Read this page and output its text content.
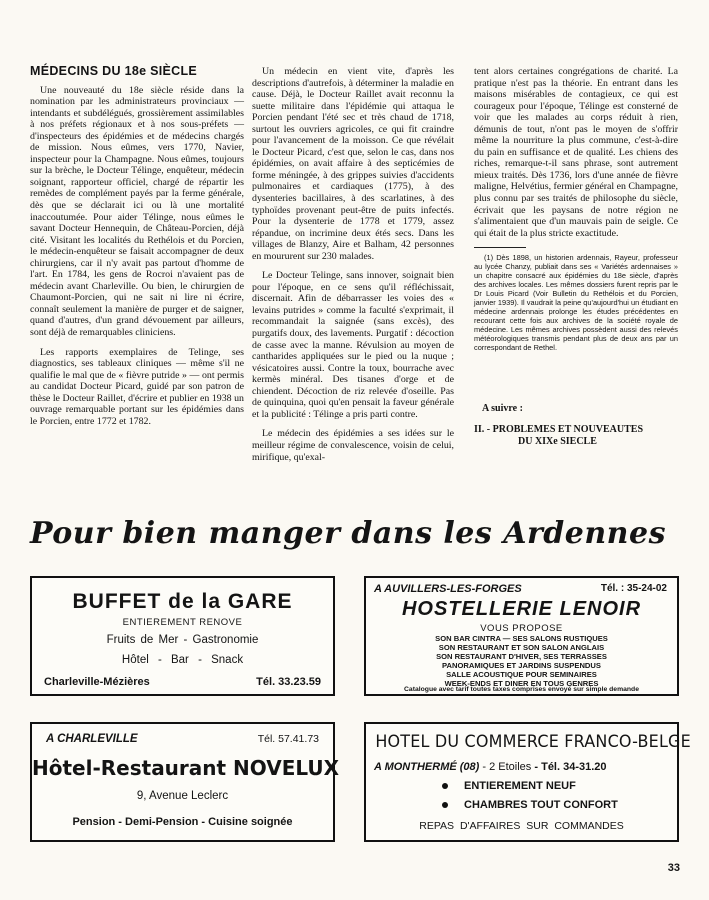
MÉDECINS DU 18e SIÈCLE

Une nouveauté du 18e siècle réside dans la nomination par les administrateurs provinciaux — intendants et subdélégués, grossièrement assimilables à nos préfets régionaux et à nos sous-préfets — d'inspecteurs des épidémies et de médecins chargés de mission. Nous eûmes, vers 1770, Navier, inspecteur pour la Champagne. Nous eûmes, toujours sur la brèche, le Docteur Télinge, enquêteur, médecin soignant, rapporteur officiel, chargé de répartir les remèdes de complément payés par la ferme générale, dès que se déclarait ici ou là une mortalité inaccoutumée. Pour aider Télinge, nous eûmes le savant Docteur Hennequin, de Château-Porcien, déjà cité. Visitant les localités du Rethélois et du Porcien, le médecin-enquêteur se faisait accompagner de deux chirurgiens, car il n'y avait pas partout d'homme de l'art. En 1784, les gens de Rocroi n'avaient pas de médecin avant Charleville. Ou bien, le chirurgien de Chaumont-Porcien, qui ne sait ni lire ni écrire, connaît seulement la manière de purger et de saigner, quand d'autres, d'un grand dévouement par ailleurs, sont déjà de remarquables cliniciens.

Les rapports exemplaires de Telinge, ses diagnostics, ses tableaux cliniques — même s'il ne qualifie le mal que de « fièvre putride » — ont permis au candidat Docteur Picard, guidé par son patron de thèse le Docteur Raillet, d'écrire et publier en 1938 un ouvrage remarquable portant sur les épidémies dans le Porcien, entre 1772 et 1782.

Un médecin en vient vite, d'après les descriptions d'autrefois, à déterminer la maladie en cause. Déjà, le Docteur Raillet avait reconnu la suette militaire dans l'épidémie qui attaqua le Porcien pendant l'été sec et très chaud de 1718, surtout les ouvriers agricoles, ce qui fit craindre pour l'avancement de la moisson. Ce que révélait le Docteur Picard, c'est que, selon le cas, dans nos épidémies, on avait affaire à des septicémies de forme méningée, à des grippes suivies d'accidents pulmonaires et cardiaques (1775), à des dysenteries bacillaires, à des scarlatines, à des typhoïdes provenant peut-être de puits infectés. Pour la dysenterie de 1778 et 1779, assez répandue, on incrimine deux étés secs. Dans les villages de Blanzy, Aire et Balham, 42 personnes en moururent sur 230 malades.

Le Docteur Telinge, sans innover, soignait bien pour l'époque, en ce sens qu'il réfléchissait, discernait. Afin de débarrasser les voies des « levains putrides » comme la faculté s'exprimait, il recommandait la saignée (sans excès), des purgatifs doux, des lavements. Purgatif : décoction de casse avec la manne. Révulsion au moyen de cantharides appliquées sur le pied ou la nuque ; vésicatoires aussi. Contre la toux, bourrache avec kermès minéral. Des tisanes d'orge et de chiendent. Décoction de riz relevée d'oseille. Pas de quinquina, quoi qu'en pensait la faveur générale et la publicité : Télinge a pris parti contre.

Le médecin des épidémies a ses idées sur le meilleur régime de convalescence, voisin de celui, mirifique, qu'exal-

tent alors certaines congrégations de charité. La pratique n'est pas la théorie. En entrant dans les maisons misérables de contagieux, ce qui est courageux pour l'époque, Télinge est consterné de voir que les malades au corps réduit à rien, démunis de tout, n'ont pas le moyen de s'offrir même la nourriture la plus commune, c'est-à-dire du pain en suffisance et de qualité. Les chiens des riches, remarque-t-il sans phrase, sont autrement mieux traités. Dès 1736, lors d'une année de fièvre maligne, Helvétius, fermier général en Champagne, plus connu par ses traités de philosophe du siècle, écrivait que les paysans de notre région ne s'alimentaient que d'un mauvais pain de seigle. Ce qui était de la plus stricte exactitude.

(1) Dès 1898, un historien ardennais, Rayeur, professeur au lycée Chanzy, publiait dans ses « Variétés ardennaises » un chapitre consacré aux épidémies du 18e siècle, d'après des archives locales. Les mêmes dossiers furent repris par le Dr Louis Picard (Voir Bulletin du Rethélois et du Porcien, janvier 1939). Il vaudrait la peine qu'aujourd'hui un étudiant en médecine ardennais prolonge les études précédentes en recourant cette fois aux archives de la société royale de médecine. Les mêmes archives possèdent aussi des relevés météorologiques transmis pendant plus de deux ans par un correspondant de Rethel.

A suivre :
II. - PROBLEMES ET NOUVEAUTES
DU XIXe SIECLE
Pour bien manger dans les Ardennes
BUFFET de la GARE
ENTIEREMENT RENOVE
Fruits de Mer - Gastronomie
Hôtel - Bar - Snack
Charleville-Mézières	Tél. 33.23.59
A AUVILLERS-LES-FORGES	Tél. : 35-24-02
HOSTELLERIE LENOIR
VOUS PROPOSE
SON BAR CINTRA — SES SALONS RUSTIQUES
SON RESTAURANT ET SON SALON ANGLAIS
SON RESTAURANT D'HIVER, SES TERRASSES
PANORAMIQUES ET JARDINS SUSPENDUS
SALLE ACOUSTIQUE POUR SEMINAIRES
WEEK-ENDS ET DINER EN TOUS GENRES
Catalogue avec tarif toutes taxes comprises envoyé sur simple demande
A CHARLEVILLE	Tél. 57.41.73
Hôtel-Restaurant NOVELUX
9, Avenue Leclerc
Pension - Demi-Pension - Cuisine soignée
HOTEL DU COMMERCE FRANCO-BELGE
A MONTHERMÉ (08) - 2 Etoiles - Tél. 34-31.20
ENTIEREMENT NEUF
CHAMBRES TOUT CONFORT
REPAS D'AFFAIRES SUR COMMANDES
33
